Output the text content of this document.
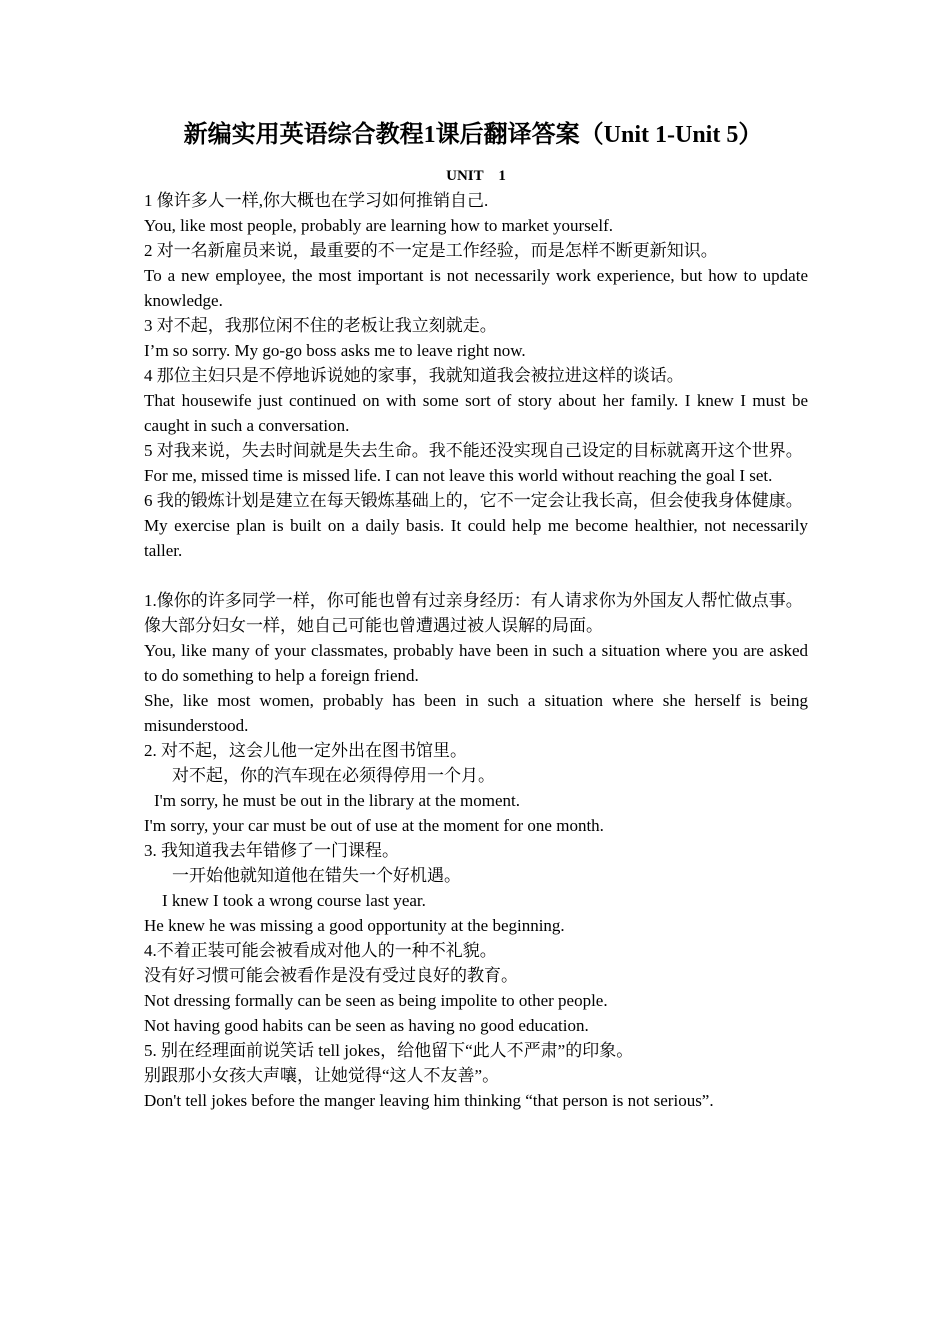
新编实用英语综合教程1课后翻译答案（Unit 1-Unit 5）
UNIT    1

1 像许多人一样,你大概也在学习如何推销自己.

You, like most people, probably are learning how to market yourself.

2 对一名新雇员来说，最重要的不一定是工作经验，而是怎样不断更新知识。

To a new employee, the most important is not necessarily work experience, but how to update knowledge.

3 对不起，我那位闲不住的老板让我立刻就走。

I’m so sorry. My go-go boss asks me to leave right now.

4 那位主妇只是不停地诉说她的家事，我就知道我会被拉进这样的谈话。

That housewife just continued on with some sort of story about her family. I knew I must be caught in such a conversation.

5 对我来说，失去时间就是失去生命。我不能还没实现自己设定的目标就离开这个世界。

For me, missed time is missed life. I can not leave this world without reaching the goal I set.

6 我的锻炼计划是建立在每天锻炼基础上的，它不一定会让我长高，但会使我身体健康。

My exercise plan is built on a daily basis. It could help me become healthier, not necessarily taller.

1.像你的许多同学一样，你可能也曾有过亲身经历：有人请求你为外国友人帮忙做点事。

像大部分妇女一样，她自己可能也曾遭遇过被人误解的局面。

You, like many of your classmates, probably have been in such a situation where you are asked to do something to help a foreign friend.

She, like most women, probably has been in such a situation where she herself is being misunderstood.

2. 对不起，这会儿他一定外出在图书馆里。

对不起，你的汽车现在必须得停用一个月。

I'm sorry, he must be out in the library at the moment.

I'm sorry, your car must be out of use at the moment for one month.

3. 我知道我去年错修了一门课程。

一开始他就知道他在错失一个好机遇。

I knew I took a wrong course last year.

He knew he was missing a good opportunity at the beginning.

4.不着正装可能会被看成对他人的一种不礼貌。

没有好习惯可能会被看作是没有受过良好的教育。

Not dressing formally can be seen as being impolite to other people.

Not having good habits can be seen as having no good education.

5. 别在经理面前说笑话 tell jokes，给他留下“此人不严肃”的印象。

别跟那小女孩大声嚷，让她觉得“这人不友善”。

Don't tell jokes before the manger leaving him thinking “that person is not serious”.
